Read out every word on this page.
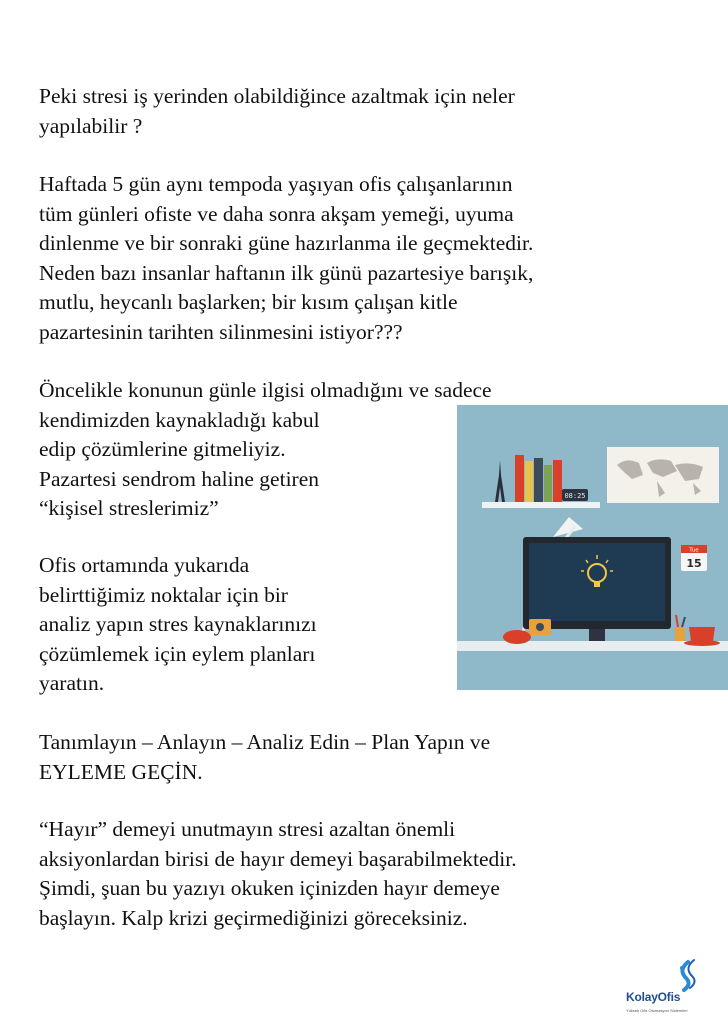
Peki stresi iş yerinden olabildiğince azaltmak için neler
yapılabilir ?

Haftada 5 gün aynı tempoda yaşıyan ofis çalışanlarının
tüm günleri ofiste ve daha sonra akşam yemeği, uyuma
dinlenme ve bir sonraki güne hazırlanma ile geçmektedir.
Neden bazı insanlar haftanın ilk günü pazartesiye barışık,
mutlu, heycanlı başlarken; bir kısım çalışan kitle
pazartesinin tarihten silinmesini istiyor???

Öncelikle konunun günle ilgisi olmadığını ve sadece
kendimizden kaynakladığı kabul
edip çözümlerine gitmeliyiz.
Pazartesi sendrom haline getiren
“kişisel streslerimiz”

Ofis ortamında yukarıda
belirttiğimiz noktalar için bir
analiz yapın stres kaynaklarınızı
çözümlemek için eylem planları
yaratın.

Tanımlayın – Anlayın – Analiz Edin – Plan Yapın ve
EYLEME GEÇİN.

“Hayır” demeyi unutmayın stresi azaltan önemli
aksiyonlardan birisi de hayır demeyi başarabilmektedir.
Şimdi, şuan bu yazıyı okuken içinizden hayır demeye
başlayın. Kalp krizi geçirmediğinizi göreceksiniz.

08:25
Tue
15
KolayOfis
Yüksek Ofis Otomasyon Sistemleri
